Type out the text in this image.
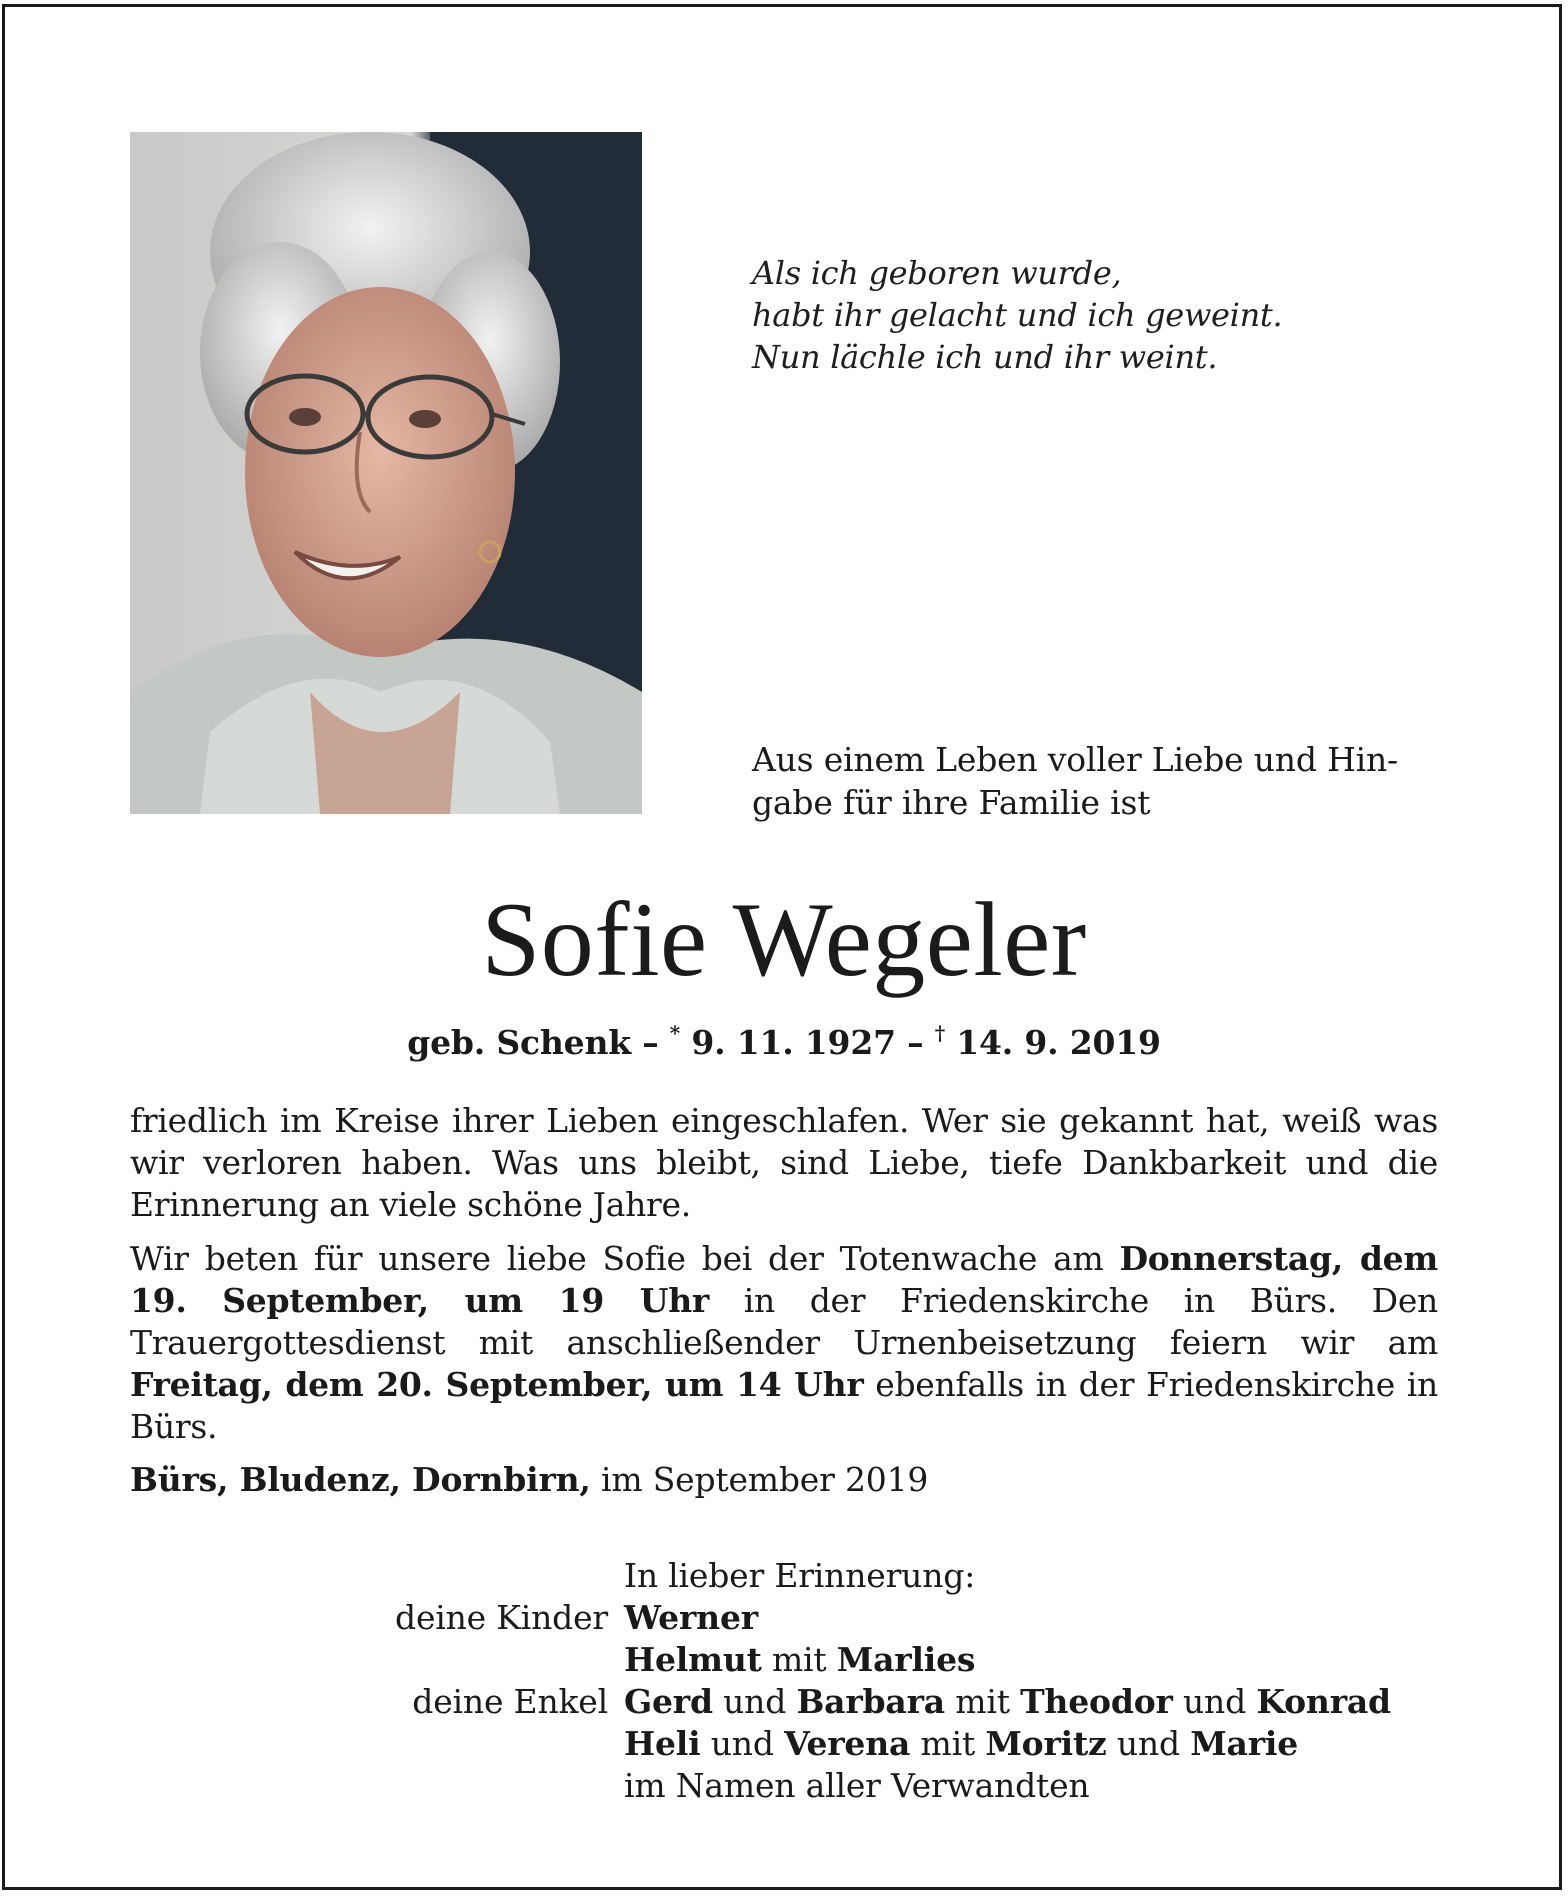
Als ich geboren wurde,
habt ihr gelacht und ich geweint.
Nun lächle ich und ihr weint.
Aus einem Leben voller Liebe und Hin-
gabe für ihre Familie ist
Sofie Wegeler
geb. Schenk – * 9. 11. 1927 – † 14. 9. 2019
friedlich im Kreise ihrer Lieben eingeschlafen. Wer sie gekannt hat, weiß was wir verloren haben. Was uns bleibt, sind Liebe, tiefe Dankbarkeit und die Erinnerung an viele schöne Jahre.
Wir beten für unsere liebe Sofie bei der Totenwache am Donnerstag, dem 19. September, um 19 Uhr in der Friedenskirche in Bürs. Den Trauergottesdienst mit anschließender Urnenbeisetzung feiern wir am Freitag, dem 20. September, um 14 Uhr ebenfalls in der Friedenskirche in Bürs.
Bürs, Bludenz, Dornbirn, im September 2019
In lieber Erinnerung:
deine Kinder Werner
Helmut mit Marlies
deine Enkel Gerd und Barbara mit Theodor und Konrad
Heli und Verena mit Moritz und Marie
im Namen aller Verwandten
